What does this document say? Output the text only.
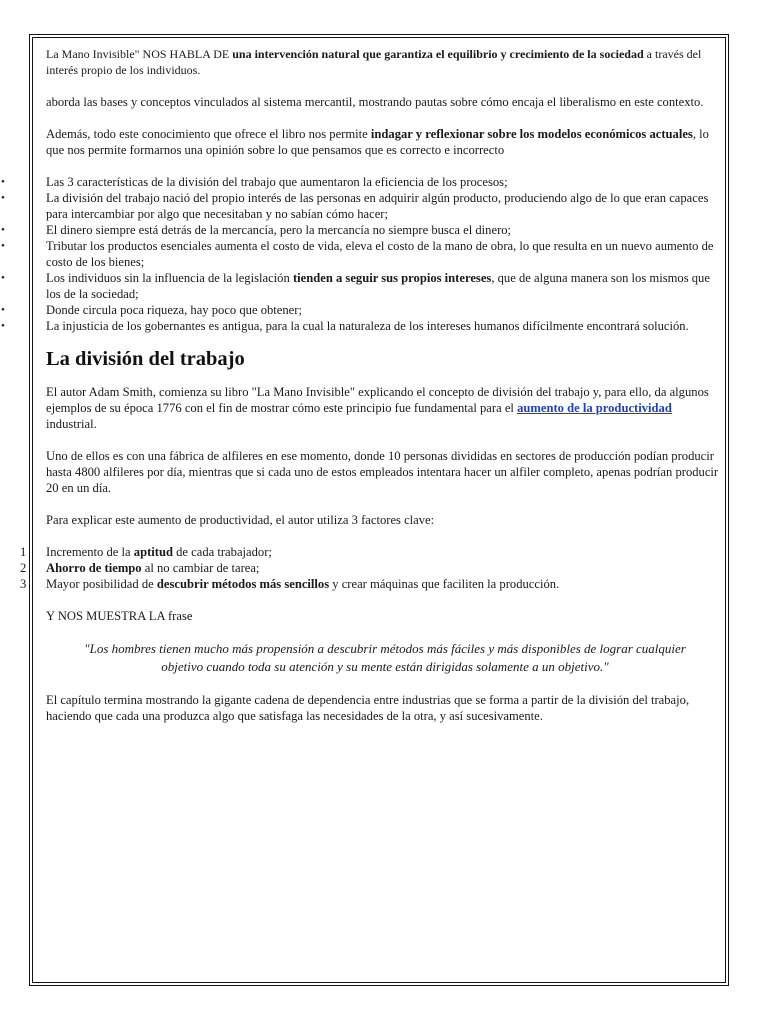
La Mano Invisible" NOS HABLA DE una intervención natural que garantiza el equilibrio y crecimiento de la sociedad a través del interés propio de los individuos.

aborda las bases y conceptos vinculados al sistema mercantil, mostrando pautas sobre cómo encaja el liberalismo en este contexto.

Además, todo este conocimiento que ofrece el libro nos permite indagar y reflexionar sobre los modelos económicos actuales, lo que nos permite formarnos una opinión sobre lo que pensamos que es correcto e incorrecto

•	Las 3 características de la división del trabajo que aumentaron la eficiencia de los procesos;
•	La división del trabajo nació del propio interés de las personas en adquirir algún producto, produciendo algo de lo que eran capaces para intercambiar por algo que necesitaban y no sabían cómo hacer;
•	El dinero siempre está detrás de la mercancía, pero la mercancía no siempre busca el dinero;
•	Tributar los productos esenciales aumenta el costo de vida, eleva el costo de la mano de obra, lo que resulta en un nuevo aumento de costo de los bienes;
•	Los individuos sin la influencia de la legislación tienden a seguir sus propios intereses, que de alguna manera son los mismos que los de la sociedad;
•	Donde circula poca riqueza, hay poco que obtener;
•	La injusticia de los gobernantes es antigua, para la cual la naturaleza de los intereses humanos difícilmente encontrará solución.
La división del trabajo

El autor Adam Smith, comienza su libro "La Mano Invisible" explicando el concepto de división del trabajo y, para ello, da algunos ejemplos de su época 1776 con el fin de mostrar cómo este principio fue fundamental para el aumento de la productividad industrial.

Uno de ellos es con una fábrica de alfileres en ese momento, donde 10 personas divididas en sectores de producción podían producir hasta 4800 alfileres por día, mientras que si cada uno de estos empleados intentara hacer un alfiler completo, apenas podrían producir 20 en un día.

Para explicar este aumento de productividad, el autor utiliza 3 factores clave:

1 Incremento de la aptitud de cada trabajador;
2 Ahorro de tiempo al no cambiar de tarea;
3 Mayor posibilidad de descubrir métodos más sencillos y crear máquinas que faciliten la producción.

Y NOS MUESTRA LA frase

"Los hombres tienen mucho más propensión a descubrir métodos más fáciles y más disponibles de lograr cualquier objetivo cuando toda su atención y su mente están dirigidas solamente a un objetivo."

El capítulo termina mostrando la gigante cadena de dependencia entre industrias que se forma a partir de la división del trabajo, haciendo que cada una produzca algo que satisfaga las necesidades de la otra, y así sucesivamente.
